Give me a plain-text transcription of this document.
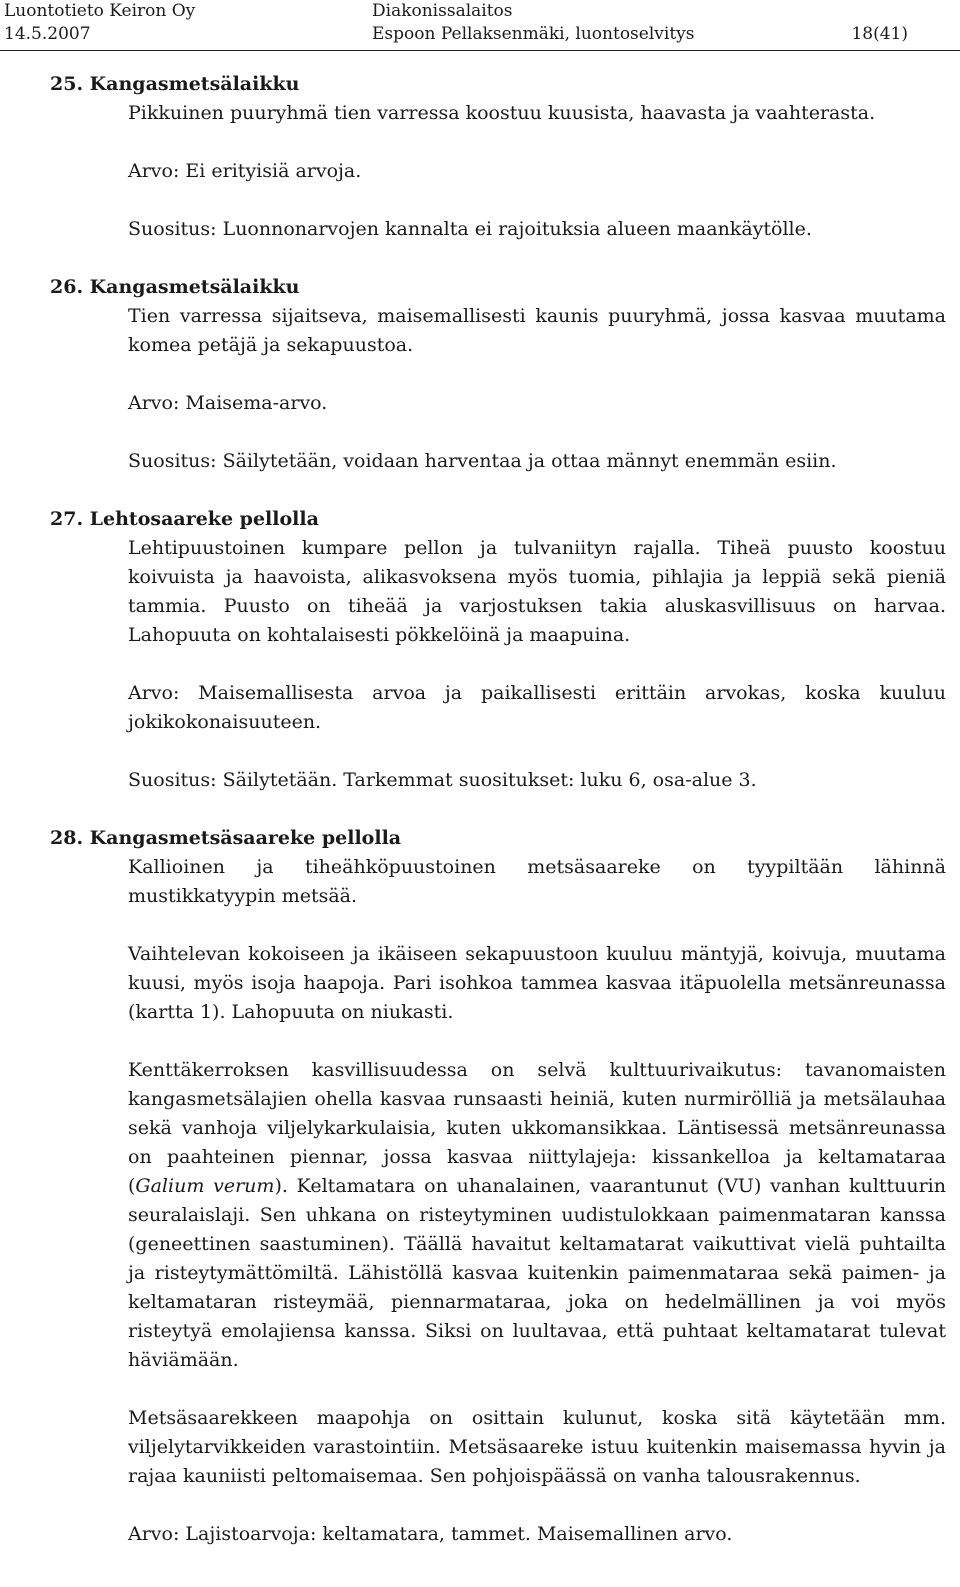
Luontotieto Keiron Oy
14.5.2007
Diakonissalaitos
Espoon Pellaksenmäki, luontoselvitys	18(41)
25. Kangasmetsälaikku

Pikkuinen puuryhmä tien varressa koostuu kuusista, haavasta ja vaahterasta.

Arvo: Ei erityisiä arvoja.

Suositus: Luonnonarvojen kannalta ei rajoituksia alueen maankäytölle.

26. Kangasmetsälaikku

Tien varressa sijaitseva, maisemallisesti kaunis puuryhmä, jossa kasvaa muutama komea petäjä ja sekapuustoa.

Arvo: Maisema-arvo.

Suositus: Säilytetään, voidaan harventaa ja ottaa männyt enemmän esiin.

27. Lehtosaareke pellolla

Lehtipuustoinen kumpare pellon ja tulvaniityn rajalla. Tiheä puusto koostuu koivuista ja haavoista, alikasvoksena myös tuomia, pihlajia ja leppiä sekä pieniä tammia. Puusto on tiheää ja varjostuksen takia aluskasvillisuus on harvaa. Lahopuuta on kohtalaisesti pökkelöinä ja maapuina.

Arvo: Maisemallisesta arvoa ja paikallisesti erittäin arvokas, koska kuuluu jokikokonaisuuteen.

Suositus: Säilytetään. Tarkemmat suositukset: luku 6, osa-alue 3.

28. Kangasmetsäsaareke pellolla

Kallioinen ja tiheähköpuustoinen metsäsaareke on tyypiltään lähinnä mustikkatyypin metsää.

Vaihtelevan kokoiseen ja ikäiseen sekapuustoon kuuluu mäntyjä, koivuja, muutama kuusi, myös isoja haapoja. Pari isohkoa tammea kasvaa itäpuolella metsänreunassa (kartta 1). Lahopuuta on niukasti.

Kenttäkerroksen kasvillisuudessa on selvä kulttuurivaikutus: tavanomaisten kangasmetsälajien ohella kasvaa runsaasti heiniä, kuten nurmirölliä ja metsälauhaa sekä vanhoja viljelykarkulaisia, kuten ukkomansikkaa. Läntisessä metsänreunassa on paahteinen piennar, jossa kasvaa niittylajeja: kissankelloa ja keltamataraa (Galium verum). Keltamatara on uhanalainen, vaarantunut (VU) vanhan kulttuurin seuralaislaji. Sen uhkana on risteytyminen uudistulokkaan paimenmataran kanssa (geneettinen saastuminen). Täällä havaitut keltamatarat vaikuttivat vielä puhtailta ja risteytymättömiltä. Lähistöllä kasvaa kuitenkin paimenmataraa sekä paimen- ja keltamataran risteymää, piennarmataraa, joka on hedelmällinen ja voi myös risteytyä emolajiensa kanssa. Siksi on luultavaa, että puhtaat keltamatarat tulevat häviämään.

Metsäsaarekkeen maapohja on osittain kulunut, koska sitä käytetään mm. viljelytarvikkeiden varastointiin. Metsäsaareke istuu kuitenkin maisemassa hyvin ja rajaa kauniisti peltomaisemaa. Sen pohjoispäässä on vanha talousrakennus.

Arvo: Lajistoarvoja: keltamatara, tammet. Maisemallinen arvo.
